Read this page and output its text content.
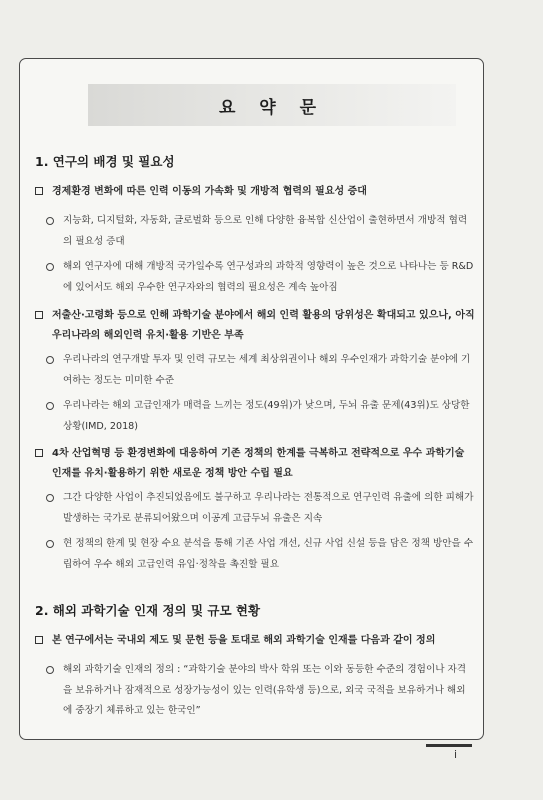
요 약 문
1. 연구의 배경 및 필요성
경제환경 변화에 따른 인력 이동의 가속화 및 개방적 협력의 필요성 증대
지능화, 디지털화, 자동화, 글로벌화 등으로 인해 다양한 융복합 신산업이 출현하면서 개방적 협력의 필요성 증대
해외 연구자에 대해 개방적 국가일수록 연구성과의 과학적 영향력이 높은 것으로 나타나는 등 R&D에 있어서도 해외 우수한 연구자와의 협력의 필요성은 계속 높아짐
저출산·고령화 등으로 인해 과학기술 분야에서 해외 인력 활용의 당위성은 확대되고 있으나, 아직 우리나라의 해외인력 유치·활용 기반은 부족
우리나라의 연구개발 투자 및 인력 규모는 세계 최상위권이나 해외 우수인재가 과학기술 분야에 기여하는 정도는 미미한 수준
우리나라는 해외 고급인재가 매력을 느끼는 정도(49위)가 낮으며, 두뇌 유출 문제(43위)도 상당한 상황(IMD, 2018)
4차 산업혁명 등 환경변화에 대응하여 기존 정책의 한계를 극복하고 전략적으로 우수 과학기술 인재를 유치·활용하기 위한 새로운 정책 방안 수립 필요
그간 다양한 사업이 추진되었음에도 불구하고 우리나라는 전통적으로 연구인력 유출에 의한 피해가 발생하는 국가로 분류되어왔으며 이공계 고급두뇌 유출은 지속
현 정책의 한계 및 현장 수요 분석을 통해 기존 사업 개선, 신규 사업 신설 등을 담은 정책 방안을 수립하여 우수 해외 고급인력 유입·정착을 촉진할 필요
2. 해외 과학기술 인재 정의 및 규모 현황
본 연구에서는 국내외 제도 및 문헌 등을 토대로 해외 과학기술 인재를 다음과 같이 정의
해외 과학기술 인재의 정의 : “과학기술 분야의 박사 학위 또는 이와 동등한 수준의 경험이나 자격을 보유하거나 잠재적으로 성장가능성이 있는 인력(유학생 등)으로, 외국 국적을 보유하거나 해외에 중장기 체류하고 있는 한국인”
i
